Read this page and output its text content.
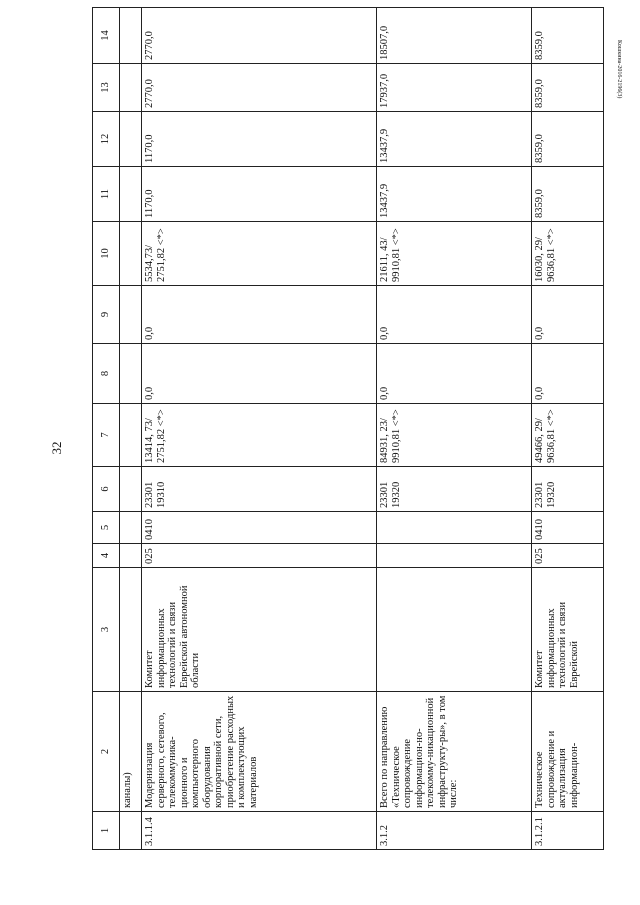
32
Кошкина-2016-2196(3)
1	2	3	4	5	6	7	8	9	10	11	12	13	14
	каналы)												
3.1.1.4	Модернизация серверного, сетевого, телекоммуника-ционного и компьютерного оборудования корпоративной сети, приобретение расходных и комплектующих материалов	Комитет информационных технологий и связи Еврейской автономной области	025	0410	23301 19310	13414, 73/ 2751,82 <*>	0,0	0,0	5534,73/ 2751,82 <*>	1170,0	1170,0	2770,0	2770,0
3.1.2	Всего по направлению «Техническое сопровождение информацион-но-телекомму-никационной инфраструкту-ры», в том числе:				23301 19320	84931, 23/ 9910,81 <*>	0,0	0,0	21611, 43/ 9910,81 <*>	13437,9	13437,9	17937,0	18507,0
3.1.2.1	Техническое сопровождение и актуализация информацион-	Комитет информационных технологий и связи Еврейской	025	0410	23301 19320	49466, 29/ 9636,81 <*>	0,0	0,0	16030, 29/ 9636,81 <*>	8359,0	8359,0	8359,0	8359,0
